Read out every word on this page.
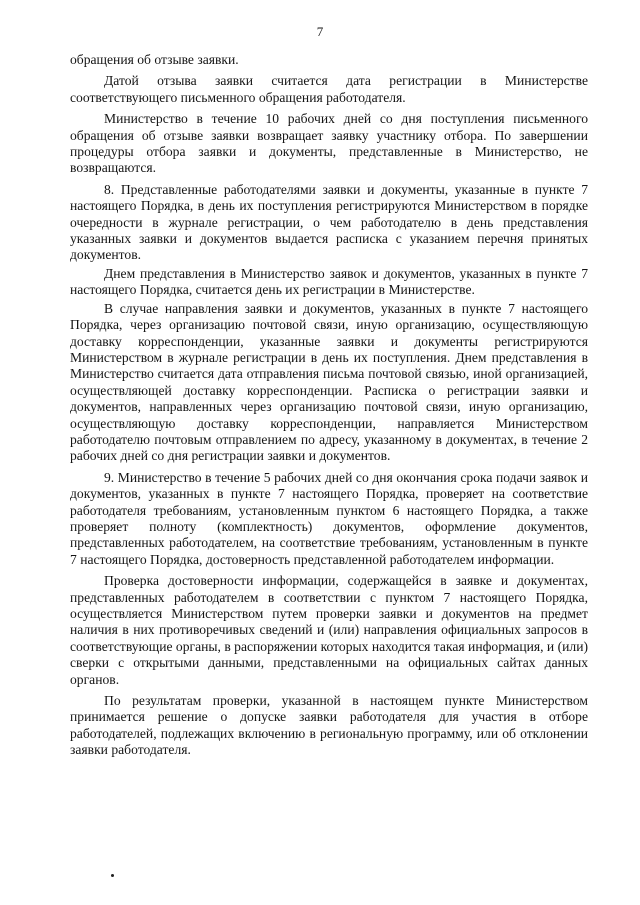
7

обращения об отзыве заявки.

Датой отзыва заявки считается дата регистрации в Министерстве соответствующего письменного обращения работодателя.

Министерство в течение 10 рабочих дней со дня поступления письменного обращения об отзыве заявки возвращает заявку участнику отбора. По завершении процедуры отбора заявки и документы, представленные в Министерство, не возвращаются.

8. Представленные работодателями заявки и документы, указанные в пункте 7 настоящего Порядка, в день их поступления регистрируются Министерством в порядке очередности в журнале регистрации, о чем работодателю в день представления указанных заявки и документов выдается расписка с указанием перечня принятых документов.

Днем представления в Министерство заявок и документов, указанных в пункте 7 настоящего Порядка, считается день их регистрации в Министерстве.

В случае направления заявки и документов, указанных в пункте 7 настоящего Порядка, через организацию почтовой связи, иную организацию, осуществляющую доставку корреспонденции, указанные заявки и документы регистрируются Министерством в журнале регистрации в день их поступления. Днем представления в Министерство считается дата отправления письма почтовой связью, иной организацией, осуществляющей доставку корреспонденции. Расписка о регистрации заявки и документов, направленных через организацию почтовой связи, иную организацию, осуществляющую доставку корреспонденции, направляется Министерством работодателю почтовым отправлением по адресу, указанному в документах, в течение 2 рабочих дней со дня регистрации заявки и документов.

9. Министерство в течение 5 рабочих дней со дня окончания срока подачи заявок и документов, указанных в пункте 7 настоящего Порядка, проверяет на соответствие работодателя требованиям, установленным пунктом 6 настоящего Порядка, а также проверяет полноту (комплектность) документов, оформление документов, представленных работодателем, на соответствие требованиям, установленным в пункте 7 настоящего Порядка, достоверность представленной работодателем информации.

Проверка достоверности информации, содержащейся в заявке и документах, представленных работодателем в соответствии с пунктом 7 настоящего Порядка, осуществляется Министерством путем проверки заявки и документов на предмет наличия в них противоречивых сведений и (или) направления официальных запросов в соответствующие органы, в распоряжении которых находится такая информация, и (или) сверки с открытыми данными, представленными на официальных сайтах данных органов.

По результатам проверки, указанной в настоящем пункте Министерством принимается решение о допуске заявки работодателя для участия в отборе работодателей, подлежащих включению в региональную программу, или об отклонении заявки работодателя.
